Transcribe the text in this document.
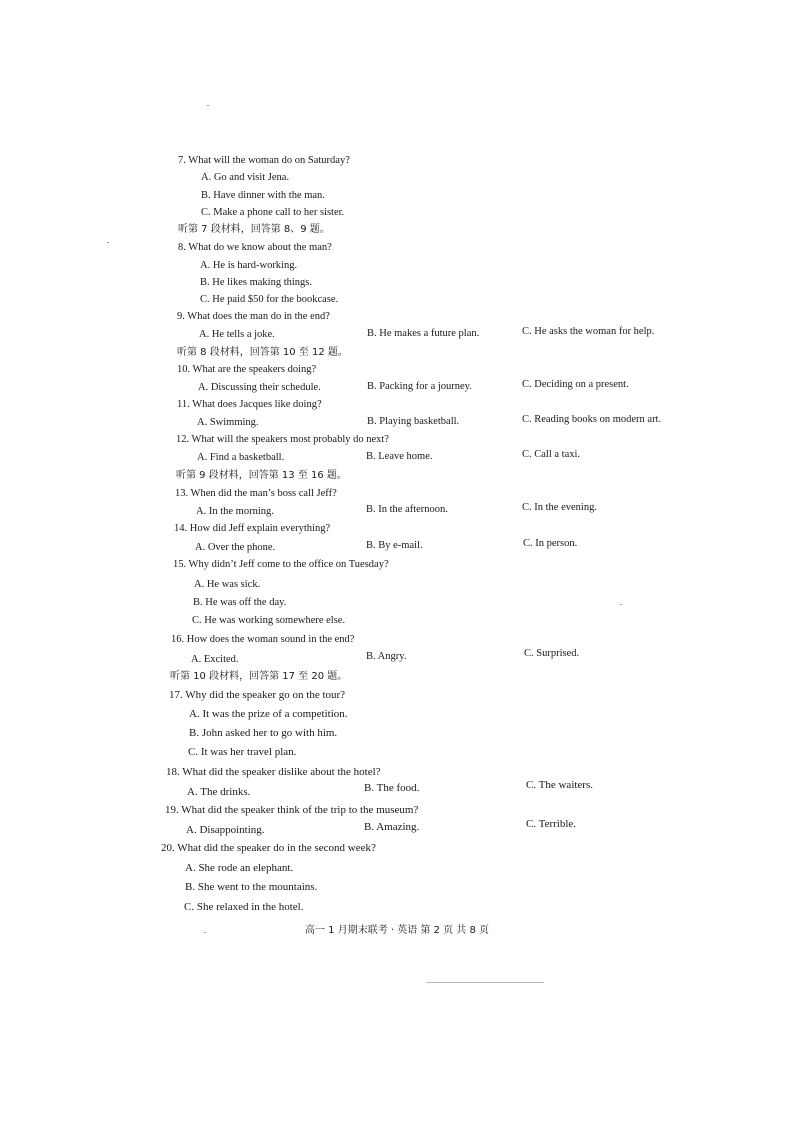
7. What will the woman do on Saturday?
A. Go and visit Jena.
B. Have dinner with the man.
C. Make a phone call to her sister.
听第 7 段材料，回答第 8、9 题。
8. What do we know about the man?
A. He is hard-working.
B. He likes making things.
C. He paid $50 for the bookcase.
9. What does the man do in the end?
A. He tells a joke.	B. He makes a future plan.	C. He asks the woman for help.
听第 8 段材料，回答第 10 至 12 题。
10. What are the speakers doing?
A. Discussing their schedule.	B. Packing for a journey.	C. Deciding on a present.
11. What does Jacques like doing?
A. Swimming.	B. Playing basketball.	C. Reading books on modern art.
12. What will the speakers most probably do next?
A. Find a basketball.	B. Leave home.	C. Call a taxi.
听第 9 段材料，回答第 13 至 16 题。
13. When did the man’s boss call Jeff?
A. In the morning.	B. In the afternoon.	C. In the evening.
14. How did Jeff explain everything?
A. Over the phone.	B. By e-mail.	C. In person.
15. Why didn’t Jeff come to the office on Tuesday?
A. He was sick.
B. He was off the day.
C. He was working somewhere else.
16. How does the woman sound in the end?
A. Excited.	B. Angry.	C. Surprised.
听第 10 段材料，回答第 17 至 20 题。
17. Why did the speaker go on the tour?
A. It was the prize of a competition.
B. John asked her to go with him.
C. It was her travel plan.
18. What did the speaker dislike about the hotel?
A. The drinks.	B. The food.	C. The waiters.
19. What did the speaker think of the trip to the museum?
A. Disappointing.	B. Amazing.	C. Terrible.
20. What did the speaker do in the second week?
A. She rode an elephant.
B. She went to the mountains.
C. She relaxed in the hotel.
高一 1 月期末联考 · 英语 第 2 页 共 8 页
